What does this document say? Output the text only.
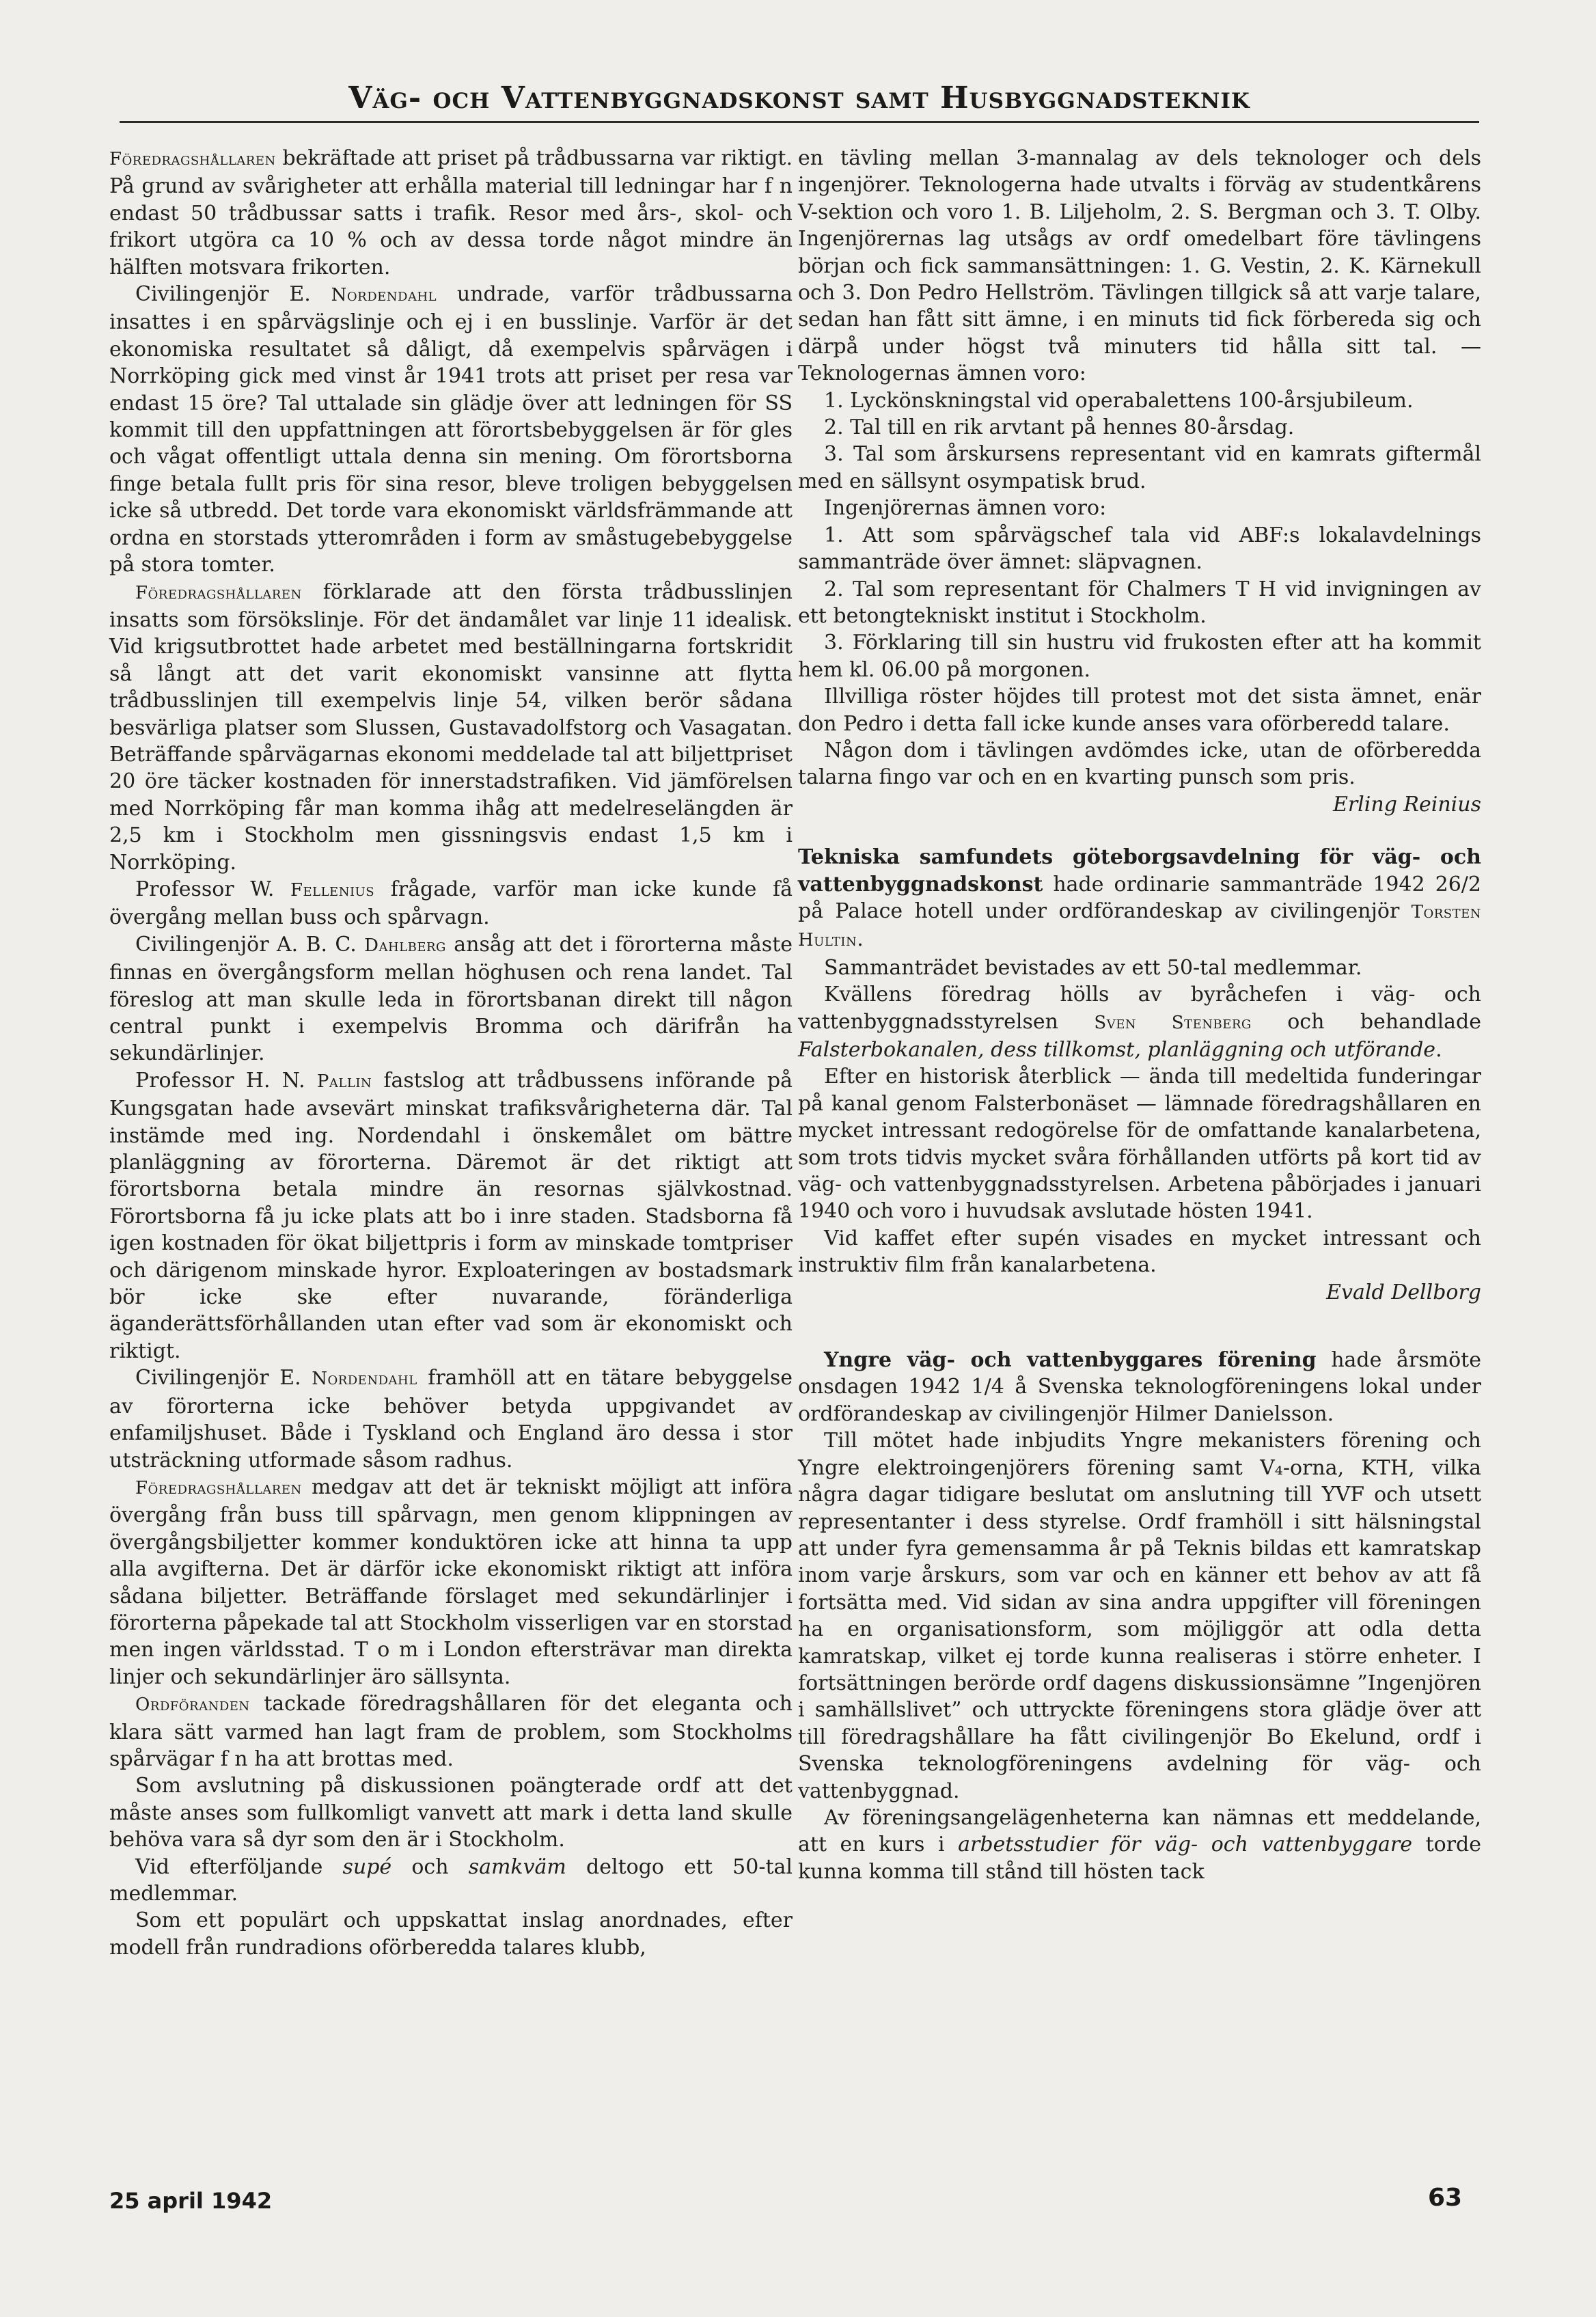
Väg- och Vattenbyggnadskonst samt Husbyggnadsteknik

Föredragshållaren bekräftade att priset på trådbussarna var riktigt. På grund av svårigheter att erhålla material till ledningar har f n endast 50 trådbussar satts i trafik. Resor med års-, skol- och frikort utgöra ca 10 % och av dessa torde något mindre än hälften motsvara frikorten.

Civilingenjör E. Nordendahl undrade, varför trådbussarna insattes i en spårvägslinje och ej i en busslinje. Varför är det ekonomiska resultatet så dåligt, då exempelvis spårvägen i Norrköping gick med vinst år 1941 trots att priset per resa var endast 15 öre? Tal uttalade sin glädje över att ledningen för SS kommit till den uppfattningen att förortsbebyggelsen är för gles och vågat offentligt uttala denna sin mening. Om förortsborna finge betala fullt pris för sina resor, bleve troligen bebyggelsen icke så utbredd. Det torde vara ekonomiskt världsfrämmande att ordna en storstads ytterområden i form av småstugebebyggelse på stora tomter.

Föredragshållaren förklarade att den första trådbusslinjen insatts som försökslinje. För det ändamålet var linje 11 idealisk. Vid krigsutbrottet hade arbetet med beställningarna fortskridit så långt att det varit ekonomiskt vansinne att flytta trådbusslinjen till exempelvis linje 54, vilken berör sådana besvärliga platser som Slussen, Gustavadolfstorg och Vasagatan. Beträffande spårvägarnas ekonomi meddelade tal att biljettpriset 20 öre täcker kostnaden för innerstadstrafiken. Vid jämförelsen med Norrköping får man komma ihåg att medelreselängden är 2,5 km i Stockholm men gissningsvis endast 1,5 km i Norrköping.

Professor W. Fellenius frågade, varför man icke kunde få övergång mellan buss och spårvagn.

Civilingenjör A. B. C. Dahlberg ansåg att det i förorterna måste finnas en övergångsform mellan höghusen och rena landet. Tal föreslog att man skulle leda in förortsbanan direkt till någon central punkt i exempelvis Bromma och därifrån ha sekundärlinjer.

Professor H. N. Pallin fastslog att trådbussens införande på Kungsgatan hade avsevärt minskat trafiksvårigheterna där. Tal instämde med ing. Nordendahl i önskemålet om bättre planläggning av förorterna. Däremot är det riktigt att förortsborna betala mindre än resornas självkostnad. Förortsborna få ju icke plats att bo i inre staden. Stadsborna få igen kostnaden för ökat biljettpris i form av minskade tomtpriser och därigenom minskade hyror. Exploateringen av bostadsmark bör icke ske efter nuvarande, föränderliga äganderättsförhållanden utan efter vad som är ekonomiskt och riktigt.

Civilingenjör E. Nordendahl framhöll att en tätare bebyggelse av förorterna icke behöver betyda uppgivandet av enfamiljshuset. Både i Tyskland och England äro dessa i stor utsträckning utformade såsom radhus.

Föredragshållaren medgav att det är tekniskt möjligt att införa övergång från buss till spårvagn, men genom klippningen av övergångsbiljetter kommer konduktören icke att hinna ta upp alla avgifterna. Det är därför icke ekonomiskt riktigt att införa sådana biljetter. Beträffande förslaget med sekundärlinjer i förorterna påpekade tal att Stockholm visserligen var en storstad men ingen världsstad. T o m i London eftersträvar man direkta linjer och sekundärlinjer äro sällsynta.

Ordföranden tackade föredragshållaren för det eleganta och klara sätt varmed han lagt fram de problem, som Stockholms spårvägar f n ha att brottas med.

Som avslutning på diskussionen poängterade ordf att det måste anses som fullkomligt vanvett att mark i detta land skulle behöva vara så dyr som den är i Stockholm.

Vid efterföljande supé och samkväm deltogo ett 50-tal medlemmar.

Som ett populärt och uppskattat inslag anordnades, efter modell från rundradions oförberedda talares klubb,

en tävling mellan 3-mannalag av dels teknologer och dels ingenjörer. Teknologerna hade utvalts i förväg av studentkårens V-sektion och voro 1. B. Liljeholm, 2. S. Bergman och 3. T. Olby. Ingenjörernas lag utsågs av ordf omedelbart före tävlingens början och fick sammansättningen: 1. G. Vestin, 2. K. Kärnekull och 3. Don Pedro Hellström. Tävlingen tillgick så att varje talare, sedan han fått sitt ämne, i en minuts tid fick förbereda sig och därpå under högst två minuters tid hålla sitt tal. — Teknologernas ämnen voro:

1. Lyckönskningstal vid operabalettens 100-årsjubileum.

2. Tal till en rik arvtant på hennes 80-årsdag.

3. Tal som årskursens representant vid en kamrats giftermål med en sällsynt osympatisk brud.

Ingenjörernas ämnen voro:

1. Att som spårvägschef tala vid ABF:s lokalavdelnings sammanträde över ämnet: släpvagnen.

2. Tal som representant för Chalmers T H vid invigningen av ett betongtekniskt institut i Stockholm.

3. Förklaring till sin hustru vid frukosten efter att ha kommit hem kl. 06.00 på morgonen.

Illvilliga röster höjdes till protest mot det sista ämnet, enär don Pedro i detta fall icke kunde anses vara oförberedd talare.

Någon dom i tävlingen avdömdes icke, utan de oförberedda talarna fingo var och en en kvarting punsch som pris.

Erling Reinius

Tekniska samfundets göteborgsavdelning för väg- och vattenbyggnadskonst hade ordinarie sammanträde 1942 26/2 på Palace hotell under ordförandeskap av civilingenjör Torsten Hultin.

Sammanträdet bevistades av ett 50-tal medlemmar.

Kvällens föredrag hölls av byråchefen i väg- och vattenbyggnadsstyrelsen Sven Stenberg och behandlade Falsterbokanalen, dess tillkomst, planläggning och utförande.

Efter en historisk återblick — ända till medeltida funderingar på kanal genom Falsterbonäset — lämnade föredragshållaren en mycket intressant redogörelse för de omfattande kanalarbetena, som trots tidvis mycket svåra förhållanden utförts på kort tid av väg- och vattenbyggnadsstyrelsen. Arbetena påbörjades i januari 1940 och voro i huvudsak avslutade hösten 1941.

Vid kaffet efter supén visades en mycket intressant och instruktiv film från kanalarbetena.

Evald Dellborg

Yngre väg- och vattenbyggares förening hade årsmöte onsdagen 1942 1/4 å Svenska teknologföreningens lokal under ordförandeskap av civilingenjör Hilmer Danielsson.

Till mötet hade inbjudits Yngre mekanisters förening och Yngre elektroingenjörers förening samt V₄-orna, KTH, vilka några dagar tidigare beslutat om anslutning till YVF och utsett representanter i dess styrelse. Ordf framhöll i sitt hälsningstal att under fyra gemensamma år på Teknis bildas ett kamratskap inom varje årskurs, som var och en känner ett behov av att få fortsätta med. Vid sidan av sina andra uppgifter vill föreningen ha en organisationsform, som möjliggör att odla detta kamratskap, vilket ej torde kunna realiseras i större enheter. I fortsättningen berörde ordf dagens diskussionsämne ”Ingenjören i samhällslivet” och uttryckte föreningens stora glädje över att till föredragshållare ha fått civilingenjör Bo Ekelund, ordf i Svenska teknologföreningens avdelning för väg- och vattenbyggnad.

Av föreningsangelägenheterna kan nämnas ett meddelande, att en kurs i arbetsstudier för väg- och vattenbyggare torde kunna komma till stånd till hösten tack

25 april 1942	63
